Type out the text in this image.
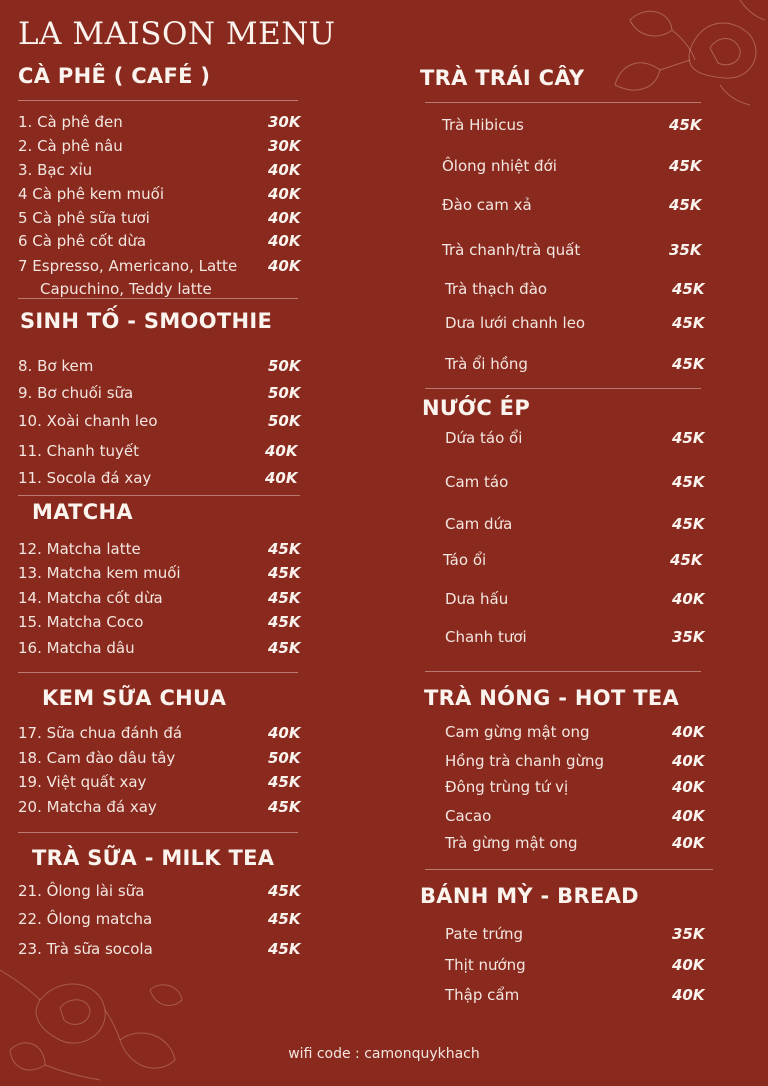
LA MAISON MENU
CÀ PHÊ ( CAFÉ )
1. Cà phê đen	30K
2. Cà phê nâu	30K
3. Bạc xỉu	40K
4 Cà phê kem muối	40K
5 Cà phê sữa tươi	40K
6 Cà phê cốt dừa	40K
7 Espresso, Americano, Latte 40K
Capuchino, Teddy latte
SINH TỐ - SMOOTHIE
8. Bơ kem	50K
9. Bơ chuối sữa	50K
10. Xoài chanh leo	50K
11. Chanh tuyết	40K
11. Socola đá xay	40K
MATCHA
12. Matcha latte	45K
13. Matcha kem muối	45K
14. Matcha cốt dừa	45K
15. Matcha Coco	45K
16. Matcha dâu	45K
KEM SỮA CHUA
17. Sữa chua đánh đá	40K
18. Cam đào dâu tây	50K
19. Việt quất xay	45K
20. Matcha đá xay	45K
TRÀ SỮA - MILK TEA
21. Ôlong lài sữa	45K
22. Ôlong matcha	45K
23. Trà sữa socola	45K
TRÀ TRÁI CÂY
Trà Hibicus	45K
Ôlong nhiệt đới	45K
Đào cam xả	45K
Trà chanh/trà quất	35K
Trà thạch đào	45K
Dưa lưới chanh leo	45K
Trà ổi hồng	45K
NƯỚC ÉP
Dứa táo ổi	45K
Cam táo	45K
Cam dứa	45K
Táo ổi	45K
Dưa hấu	40K
Chanh tươi	35K
TRÀ NÓNG - HOT TEA
Cam gừng mật ong	40K
Hồng trà chanh gừng	40K
Đông trùng tứ vị	40K
Cacao	40K
Trà gừng mật ong	40K
BÁNH MỲ - BREAD
Pate trứng	35K
Thịt nướng	40K
Thập cẩm	40K
wifi code : camonquykhach
